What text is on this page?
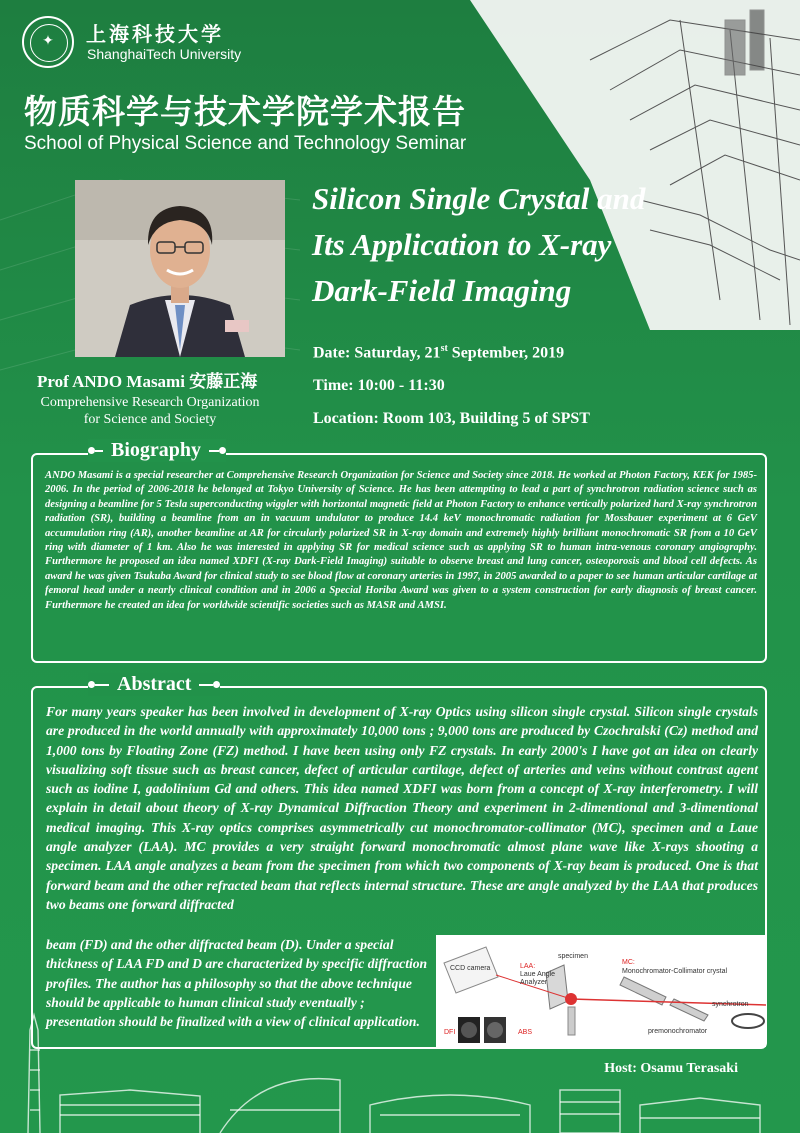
✦	上海科技大学
ShanghaiTech University
物质科学与技术学院学术报告
School of Physical Science and Technology Seminar
Prof ANDO Masami 安藤正海
Comprehensive Research Organization
for Science and Society
Silicon Single Crystal and
Its Application to X-ray
Dark-Field Imaging
Date: Saturday, 21st September, 2019
Time: 10:00 - 11:30
Location: Room 103, Building 5 of SPST
ANDO Masami is a special researcher at Comprehensive Research Organization for Science and Society since 2018. He worked at Photon Factory, KEK for 1985-2006. In the period of 2006-2018 he belonged at Tokyo University of Science. He has been attempting to lead a part of synchrotron radiation science such as designing a beamline for 5 Tesla superconducting wiggler with horizontal magnetic field at Photon Factory to enhance vertically polarized hard X-ray synchrotron radiation (SR), building a beamline from an in vacuum undulator to produce 14.4 keV monochromatic radiation for Mossbauer experiment at 6 GeV accumulation ring (AR), another beamline at AR for circularly polarized SR in X-ray domain and extremely highly brilliant monochromatic SR from a 10 GeV ring with diameter of 1 km. Also he was interested in applying SR for medical science such as applying SR to human intra-venous coronary angiography. Furthermore he proposed an idea named XDFI (X-ray Dark-Field Imaging) suitable to observe breast and lung cancer, osteoporosis and blood cell defects. As award he was given Tsukuba Award for clinical study to see blood flow at coronary arteries in 1997, in 2005 awarded to a paper to see human articular cartilage at femoral head under a nearly clinical condition and in 2006 a Special Horiba Award was given to a system construction for early diagnosis of breast cancer. Furthermore he created an idea for worldwide scientific societies such as MASR and AMSI.
Biography
For many years speaker has been involved in development of X-ray Optics using silicon single crystal. Silicon single crystals are produced in the world annually with approximately 10,000 tons ; 9,000 tons are produced by Czochralski (Cz) method and 1,000 tons by Floating Zone (FZ) method. I have been using only FZ crystals. In early 2000's I have got an idea on clearly visualizing soft tissue such as breast cancer, defect of articular cartilage, defect of arteries and veins without contrast agent such as iodine I, gadolinium Gd and others. This idea named XDFI was born from a concept of X-ray interferometry. I will explain in detail about theory of X-ray Dynamical Diffraction Theory and experiment in 2-dimentional and 3-dimentional medical imaging. This X-ray optics comprises asymmetrically cut monochromator-collimator (MC), specimen and a Laue angle analyzer (LAA). MC provides a very straight forward monochromatic almost plane wave like X-rays shooting a specimen. LAA angle analyzes a beam from the specimen from which two components of X-ray beam is produced. One is that forward beam and the other refracted beam that reflects internal structure. These are angle analyzed by the LAA that produces two beams one forward diffracted
beam (FD) and the other diffracted beam (D). Under a special thickness of LAA FD and D are characterized by specific diffraction profiles. The author has a philosophy so that the above technique should be applicable to human clinical study eventually ; presentation should be finalized with a view of clinical application.
Abstract
CCD camera	LAA:
Laue Angle
Analyzer
specimen
MC:
Monochromator-Collimator crystal
synchrotron
premonochromator
DFI	ABS
Host: Osamu Terasaki
